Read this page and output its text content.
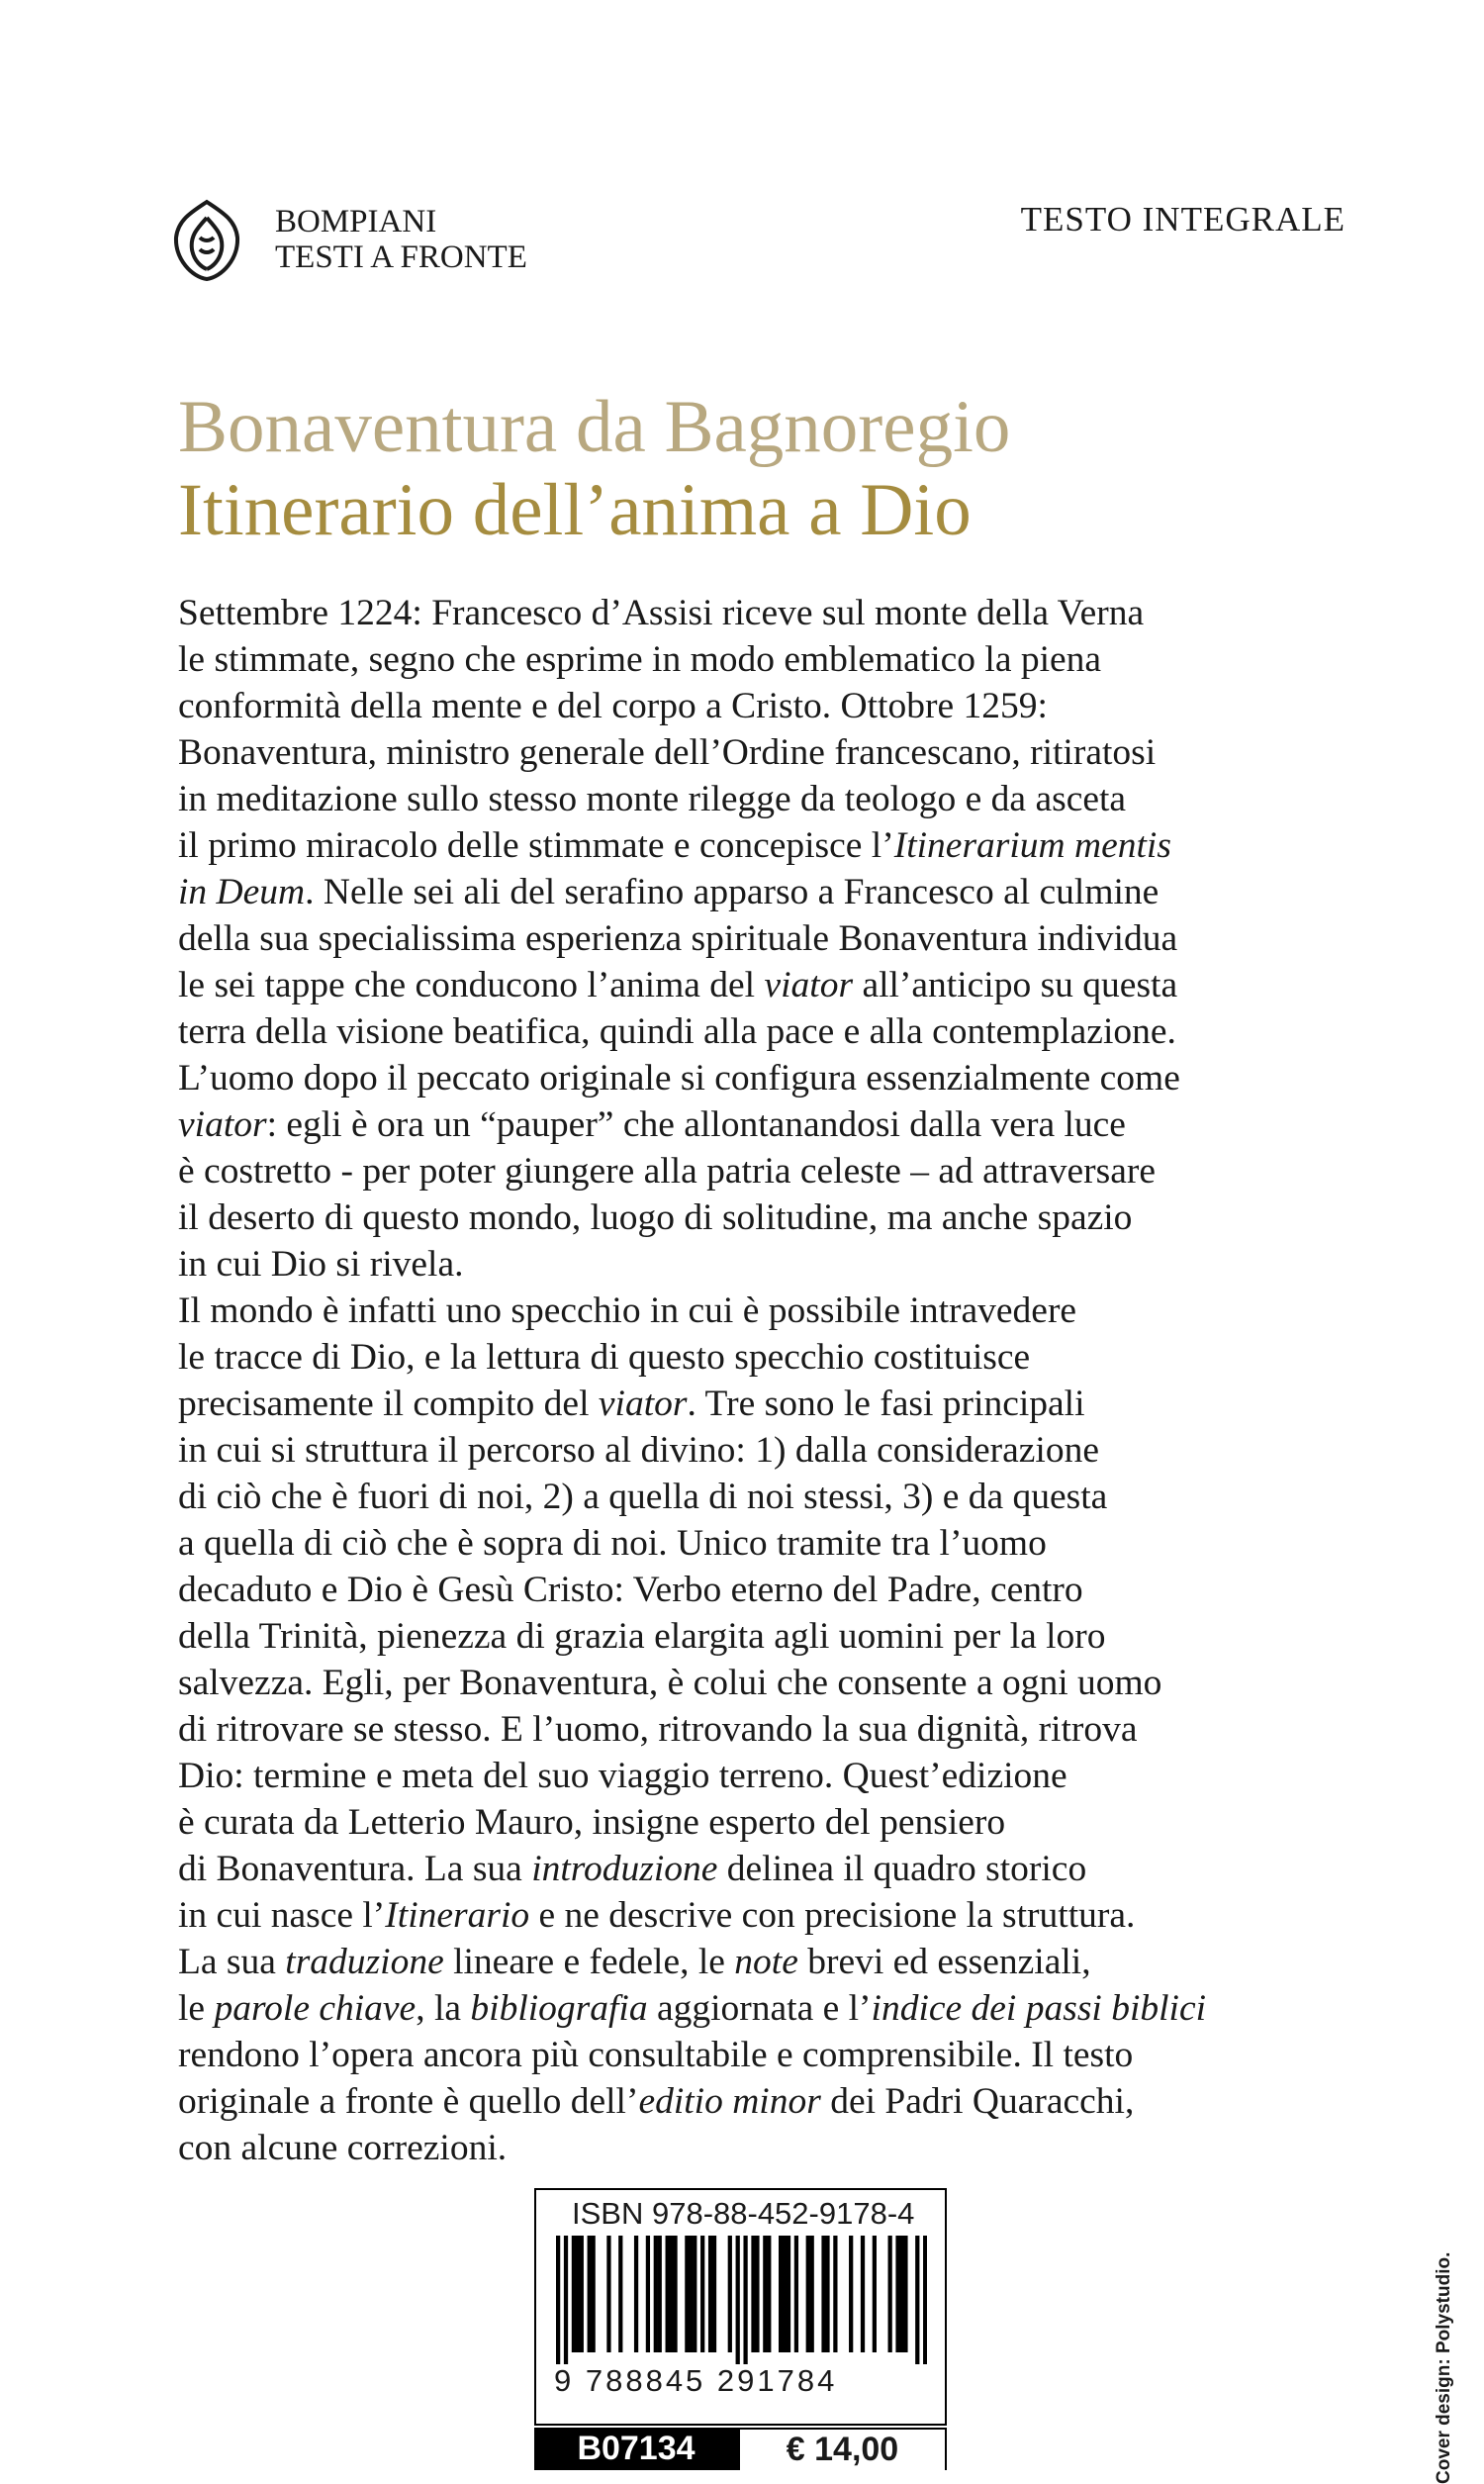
BOMPIANI
TESTI A FRONTE
TESTO INTEGRALE
Bonaventura da Bagnoregio
Itinerario dell’anima a Dio
Settembre 1224: Francesco d’Assisi riceve sul monte della Verna
le stimmate, segno che esprime in modo emblematico la piena
conformità della mente e del corpo a Cristo. Ottobre 1259:
Bonaventura, ministro generale dell’Ordine francescano, ritiratosi
in meditazione sullo stesso monte rilegge da teologo e da asceta
il primo miracolo delle stimmate e concepisce l’Itinerarium mentis
in Deum. Nelle sei ali del serafino apparso a Francesco al culmine
della sua specialissima esperienza spirituale Bonaventura individua
le sei tappe che conducono l’anima del viator all’anticipo su questa
terra della visione beatifica, quindi alla pace e alla contemplazione.
L’uomo dopo il peccato originale si configura essenzialmente come
viator: egli è ora un “pauper” che allontanandosi dalla vera luce
è costretto - per poter giungere alla patria celeste – ad attraversare
il deserto di questo mondo, luogo di solitudine, ma anche spazio
in cui Dio si rivela.
Il mondo è infatti uno specchio in cui è possibile intravedere
le tracce di Dio, e la lettura di questo specchio costituisce
precisamente il compito del viator. Tre sono le fasi principali
in cui si struttura il percorso al divino: 1) dalla considerazione
di ciò che è fuori di noi, 2) a quella di noi stessi, 3) e da questa
a quella di ciò che è sopra di noi. Unico tramite tra l’uomo
decaduto e Dio è Gesù Cristo: Verbo eterno del Padre, centro
della Trinità, pienezza di grazia elargita agli uomini per la loro
salvezza. Egli, per Bonaventura, è colui che consente a ogni uomo
di ritrovare se stesso. E l’uomo, ritrovando la sua dignità, ritrova
Dio: termine e meta del suo viaggio terreno. Quest’edizione
è curata da Letterio Mauro, insigne esperto del pensiero
di Bonaventura. La sua introduzione delinea il quadro storico
in cui nasce l’Itinerario e ne descrive con precisione la struttura.
La sua traduzione lineare e fedele, le note brevi ed essenziali,
le parole chiave, la bibliografia aggiornata e l’indice dei passi biblici
rendono l’opera ancora più consultabile e comprensibile. Il testo
originale a fronte è quello dell’editio minor dei Padri Quaracchi,
con alcune correzioni.
ISBN 978-88-452-9178-4
9 788845 291784
B07134	€ 14,00	Cover design: Polystudio.
